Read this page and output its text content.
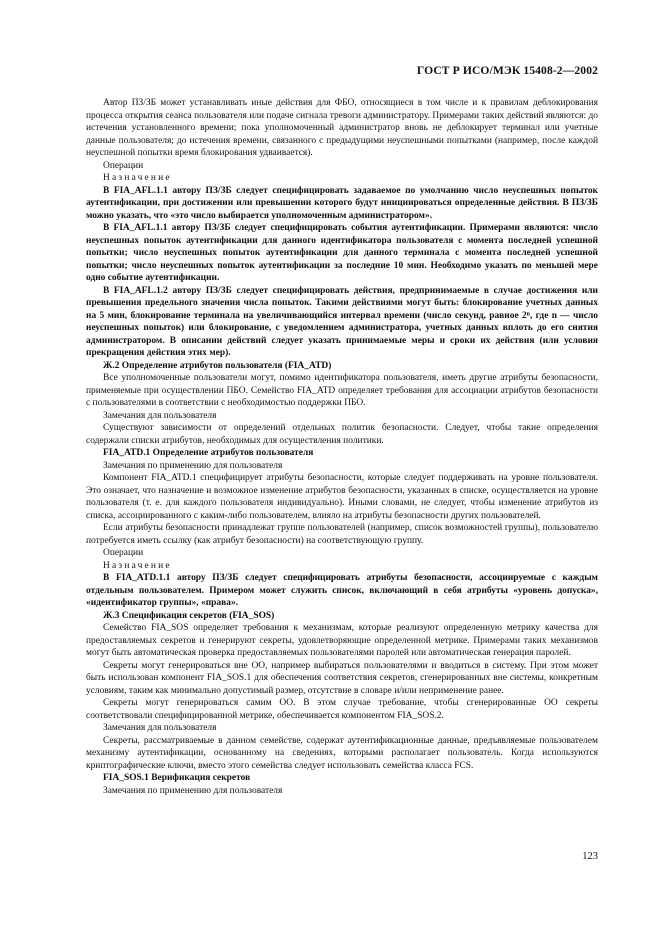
ГОСТ Р ИСО/МЭК 15408-2—2002

Автор ПЗ/ЗБ может устанавливать иные действия для ФБО, относящиеся в том числе и к правилам деблокирования процесса открытия сеанса пользователя или подаче сигнала тревоги администратору. Примерами таких действий являются: до истечения установленного времени; пока уполномоченный администратор вновь не деблокирует терминал или учетные данные пользователя; до истечения времени, связанного с предыдущими неуспешными попытками (например, после каждой неуспешной попытки время блокирования удваивается).

Операции

Назначение

В FIA_AFL.1.1 автору ПЗ/ЗБ следует специфицировать задаваемое по умолчанию число неуспешных попыток аутентификации, при достижении или превышении которого будут инициироваться определенные действия. В ПЗ/ЗБ можно указать, что «это число выбирается уполномоченным администратором».

В FIA_AFL.1.1 автору ПЗ/ЗБ следует специфицировать события аутентификации. Примерами являются: число неуспешных попыток аутентификации для данного идентификатора пользователя с момента последней успешной попытки; число неуспешных попыток аутентификации для данного терминала с момента последней успешной попытки; число неуспешных попыток аутентификации за последние 10 мин. Необходимо указать по меньшей мере одно событие аутентификации.

В FIA_AFL.1.2 автору ПЗ/ЗБ следует специфицировать действия, предпринимаемые в случае достижения или превышения предельного значения числа попыток. Такими действиями могут быть: блокирование учетных данных на 5 мин, блокирование терминала на увеличивающийся интервал времени (число секунд, равное 2ⁿ, где n — число неуспешных попыток) или блокирование, с уведомлением администратора, учетных данных вплоть до его снятия администратором. В описании действий следует указать принимаемые меры и сроки их действия (или условия прекращения действия этих мер).

Ж.2 Определение атрибутов пользователя (FIA_ATD)

Все уполномоченные пользователи могут, помимо идентификатора пользователя, иметь другие атрибуты безопасности, применяемые при осуществлении ПБО. Семейство FIA_ATD определяет требования для ассоциации атрибутов безопасности с пользователями в соответствии с необходимостью поддержки ПБО.

Замечания для пользователя

Существуют зависимости от определений отдельных политик безопасности. Следует, чтобы такие определения содержали списки атрибутов, необходимых для осуществления политики.

FIA_ATD.1 Определение атрибутов пользователя

Замечания по применению для пользователя

Компонент FIA_ATD.1 специфицирует атрибуты безопасности, которые следует поддерживать на уровне пользователя. Это означает, что назначение и возможное изменение атрибутов безопасности, указанных в списке, осуществляется на уровне пользователя (т. е. для каждого пользователя индивидуально). Иными словами, не следует, чтобы изменение атрибутов из списка, ассоциированного с каким-либо пользователем, влияло на атрибуты безопасности других пользователей.

Если атрибуты безопасности принадлежат группе пользователей (например, список возможностей группы), пользователю потребуется иметь ссылку (как атрибут безопасности) на соответствующую группу.

Операции

Назначение

В FIA_ATD.1.1 автору ПЗ/ЗБ следует специфицировать атрибуты безопасности, ассоциируемые с каждым отдельным пользователем. Примером может служить список, включающий в себя атрибуты «уровень допуска», «идентификатор группы», «права».

Ж.3 Спецификация секретов (FIA_SOS)

Семейство FIA_SOS определяет требования к механизмам, которые реализуют определенную метрику качества для предоставляемых секретов и генерируют секреты, удовлетворяющие определенной метрике. Примерами таких механизмов могут быть автоматическая проверка предоставляемых пользователями паролей или автоматическая генерация паролей.

Секреты могут генерироваться вне ОО, например выбираться пользователями и вводиться в систему. При этом может быть использован компонент FIA_SOS.1 для обеспечения соответствия секретов, сгенерированных вне системы, конкретным условиям, таким как минимально допустимый размер, отсутствие в словаре и/или неприменение ранее.

Секреты могут генерироваться самим ОО. В этом случае требование, чтобы сгенерированные ОО секреты соответствовали специфицированной метрике, обеспечивается компонентом FIA_SOS.2.

Замечания для пользователя

Секреты, рассматриваемые в данном семействе, содержат аутентификационные данные, предъявляемые пользователем механизму аутентификации, основанному на сведениях, которыми располагает пользователь. Когда используются криптографические ключи, вместо этого семейства следует использовать семейства класса FCS.

FIA_SOS.1 Верификация секретов

Замечания по применению для пользователя

123
